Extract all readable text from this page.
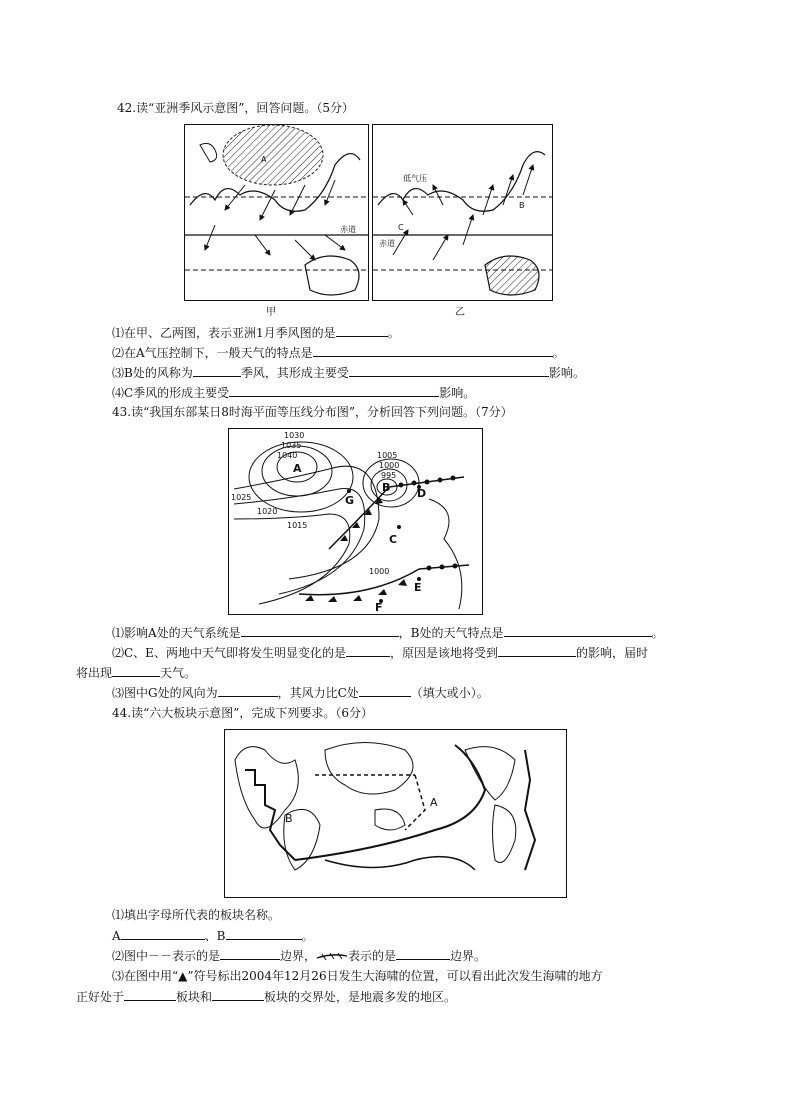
42.读“亚洲季风示意图”，回答问题。（5分）
A
赤道
甲
低气压
B
C
赤道
乙
⑴在甲、乙两图，表示亚洲1月季风图的是	。
⑵在A气压控制下，一般天气的特点是	。
⑶B处的风称为	季风，其形成主要受	影响。
⑷C季风的形成主要受	影响。
43.读“我国东部某日8时海平面等压线分布图”，分析回答下列问题。（7分）
1030
1035
1040
1025
1020
1015
1005
1000
995
1000
A
B
C
D
E
F
G
⑴影响A处的天气系统是	，B处的天气特点是	。
⑵C、E、两地中天气即将发生明显变化的是	，原因是该地将受到	的影响，届时
将出现	天气。
⑶图中G处的风向为	，其风力比C处	（填大或小）。
44.读“六大板块示意图”，完成下列要求。（6分）
A
B
⑴填出字母所代表的板块名称。
A	、B	。
⑵图中－－表示的是	边界，	表示的是	边界。
⑶在图中用“▲”符号标出2004年12月26日发生大海啸的位置，可以看出此次发生海啸的地方
正好处于	板块和	板块的交界处，是地震多发的地区。
